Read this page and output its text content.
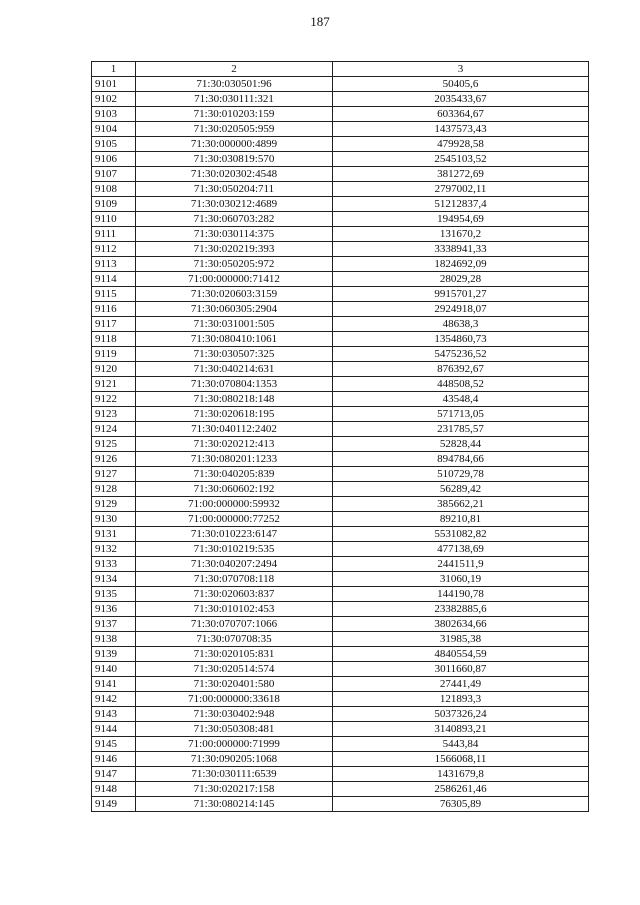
187
1	2	3
9101	71:30:030501:96	50405,6
9102	71:30:030111:321	2035433,67
9103	71:30:010203:159	603364,67
9104	71:30:020505:959	1437573,43
9105	71:30:000000:4899	479928,58
9106	71:30:030819:570	2545103,52
9107	71:30:020302:4548	381272,69
9108	71:30:050204:711	2797002,11
9109	71:30:030212:4689	51212837,4
9110	71:30:060703:282	194954,69
9111	71:30:030114:375	131670,2
9112	71:30:020219:393	3338941,33
9113	71:30:050205:972	1824692,09
9114	71:00:000000:71412	28029,28
9115	71:30:020603:3159	9915701,27
9116	71:30:060305:2904	2924918,07
9117	71:30:031001:505	48638,3
9118	71:30:080410:1061	1354860,73
9119	71:30:030507:325	5475236,52
9120	71:30:040214:631	876392,67
9121	71:30:070804:1353	448508,52
9122	71:30:080218:148	43548,4
9123	71:30:020618:195	571713,05
9124	71:30:040112:2402	231785,57
9125	71:30:020212:413	52828,44
9126	71:30:080201:1233	894784,66
9127	71:30:040205:839	510729,78
9128	71:30:060602:192	56289,42
9129	71:00:000000:59932	385662,21
9130	71:00:000000:77252	89210,81
9131	71:30:010223:6147	5531082,82
9132	71:30:010219:535	477138,69
9133	71:30:040207:2494	2441511,9
9134	71:30:070708:118	31060,19
9135	71:30:020603:837	144190,78
9136	71:30:010102:453	23382885,6
9137	71:30:070707:1066	3802634,66
9138	71:30:070708:35	31985,38
9139	71:30:020105:831	4840554,59
9140	71:30:020514:574	3011660,87
9141	71:30:020401:580	27441,49
9142	71:00:000000:33618	121893,3
9143	71:30:030402:948	5037326,24
9144	71:30:050308:481	3140893,21
9145	71:00:000000:71999	5443,84
9146	71:30:090205:1068	1566068,11
9147	71:30:030111:6539	1431679,8
9148	71:30:020217:158	2586261,46
9149	71:30:080214:145	76305,89
